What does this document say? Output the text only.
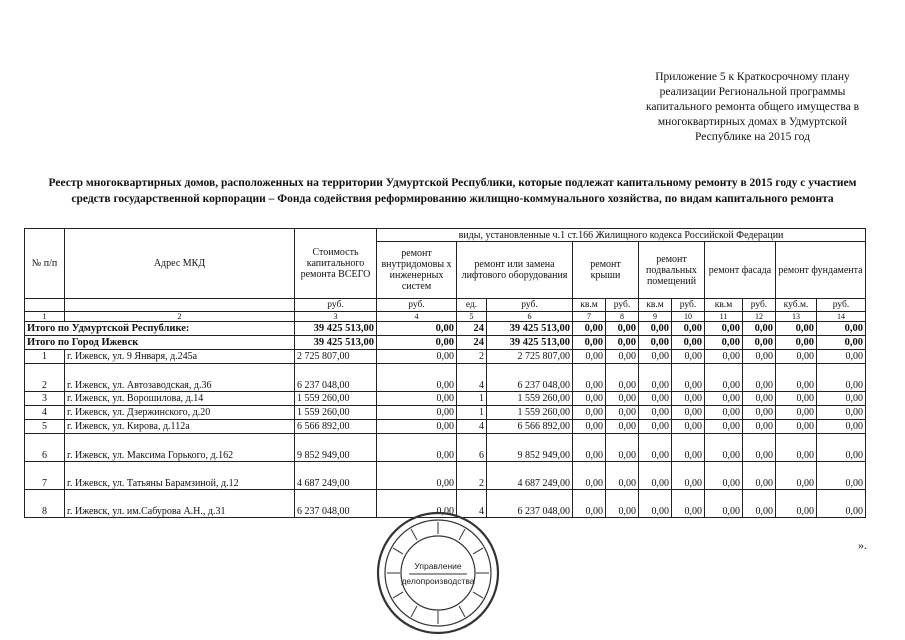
Приложение 5 к Краткосрочному плану
реализации Региональной программы
капитального ремонта общего имущества в
многоквартирных домах в Удмуртской
Республике на 2015 год
Реестр многоквартирных домов, расположенных на территории Удмуртской Республики, которые подлежат капитальному ремонту в 2015 году с участием
средств государственной корпорации – Фонда содействия реформированию жилищно-коммунального хозяйства, по видам капитального ремонта
№ п/п	Адрес МКД	Стоимость капитального ремонта ВСЕГО	виды, установленные ч.1 ст.166 Жилищного кодекса Российской Федерации										
			ремонт внутридомовы х инженерных систем	ремонт или замена лифтового оборудования		ремонт крыши		ремонт подвальных помещений		ремонт фасада		ремонт фундамента	
		руб.	руб.	ед.	руб.	кв.м	руб.	кв.м	руб.	кв.м	руб.	куб.м.	руб.
1	2	3	4	5	6	7	8	9	10	11	12	13	14
Итого по Удмуртской Республике:		39 425 513,00	0,00	24	39 425 513,00	0,00	0,00	0,00	0,00	0,00	0,00	0,00	0,00
Итого по Город Ижевск		39 425 513,00	0,00	24	39 425 513,00	0,00	0,00	0,00	0,00	0,00	0,00	0,00	0,00
1	г. Ижевск, ул. 9 Января, д.245а	2 725 807,00	0,00	2	2 725 807,00	0,00	0,00	0,00	0,00	0,00	0,00	0,00	0,00
2	г. Ижевск, ул. Автозаводская, д.36	6 237 048,00	0,00	4	6 237 048,00	0,00	0,00	0,00	0,00	0,00	0,00	0,00	0,00
3	г. Ижевск, ул. Ворошилова, д.14	1 559 260,00	0,00	1	1 559 260,00	0,00	0,00	0,00	0,00	0,00	0,00	0,00	0,00
4	г. Ижевск, ул. Дзержинского, д.20	1 559 260,00	0,00	1	1 559 260,00	0,00	0,00	0,00	0,00	0,00	0,00	0,00	0,00
5	г. Ижевск, ул. Кирова, д.112а	6 566 892,00	0,00	4	6 566 892,00	0,00	0,00	0,00	0,00	0,00	0,00	0,00	0,00
6	г. Ижевск, ул. Максима Горького, д.162	9 852 949,00	0,00	6	9 852 949,00	0,00	0,00	0,00	0,00	0,00	0,00	0,00	0,00
7	г. Ижевск, ул. Татьяны Барамзиной, д.12	4 687 249,00	0,00	2	4 687 249,00	0,00	0,00	0,00	0,00	0,00	0,00	0,00	0,00
8	г. Ижевск, ул. им.Сабурова А.Н., д.31	6 237 048,00	0,00	4	6 237 048,00	0,00	0,00	0,00	0,00	0,00	0,00	0,00	0,00
».
Управление
делопроизводства
